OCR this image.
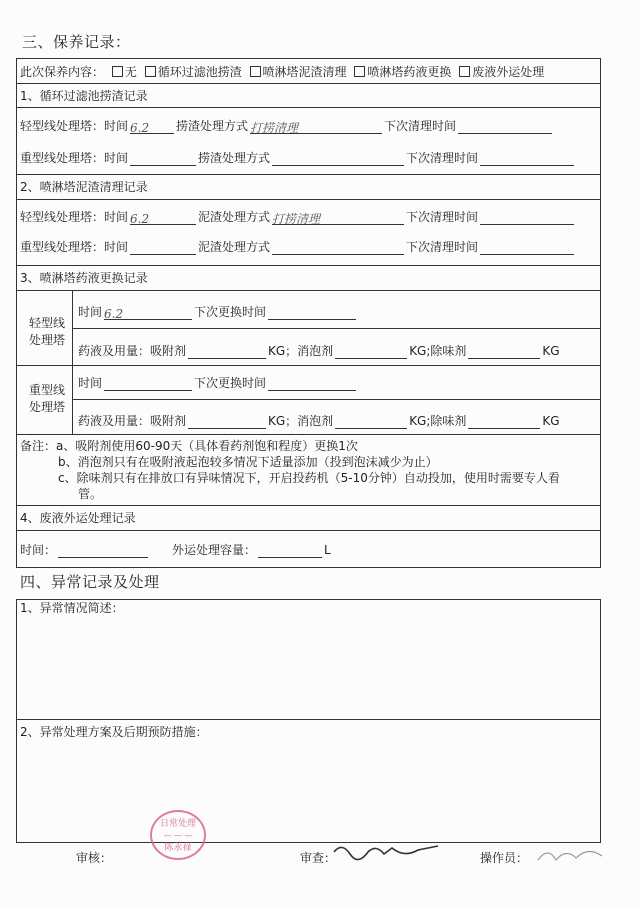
三、保养记录：
此次保养内容： 无 循环过滤池捞渣 喷淋塔泥渣清理 喷淋塔药液更换 废液外运处理
1、循环过滤池捞渣记录
轻型线处理塔：时间 6.2 捞渣处理方式 打捞清理	下次清理时间
重型线处理塔：时间	捞渣处理方式	下次清理时间
2、喷淋塔泥渣清理记录
轻型线处理塔：时间 6.2	泥渣处理方式 打捞清理	下次清理时间
重型线处理塔：时间	泥渣处理方式	下次清理时间
3、喷淋塔药液更换记录
轻型线
处理塔
时间 6.2	下次更换时间
药液及用量：吸附剂	KG；消泡剂	KG;除味剂	KG
重型线
处理塔
时间	下次更换时间
药液及用量：吸附剂	KG；消泡剂	KG;除味剂	KG
备注：a、吸附剂使用60-90天（具体看药剂饱和程度）更换1次
b、消泡剂只有在吸附液起泡较多情况下适量添加（投到泡沫减少为止）
c、除味剂只有在排放口有异味情况下，开启投药机（5-10分钟）自动投加，使用时需要专人看
管。
4、废液外运处理记录
时间：	外运处理容量：	L
四、异常记录及处理
1、异常情况简述：
2、异常处理方案及后期预防措施：
日常处理
— — —
陈永禄
审核：	审查：	操作员：
